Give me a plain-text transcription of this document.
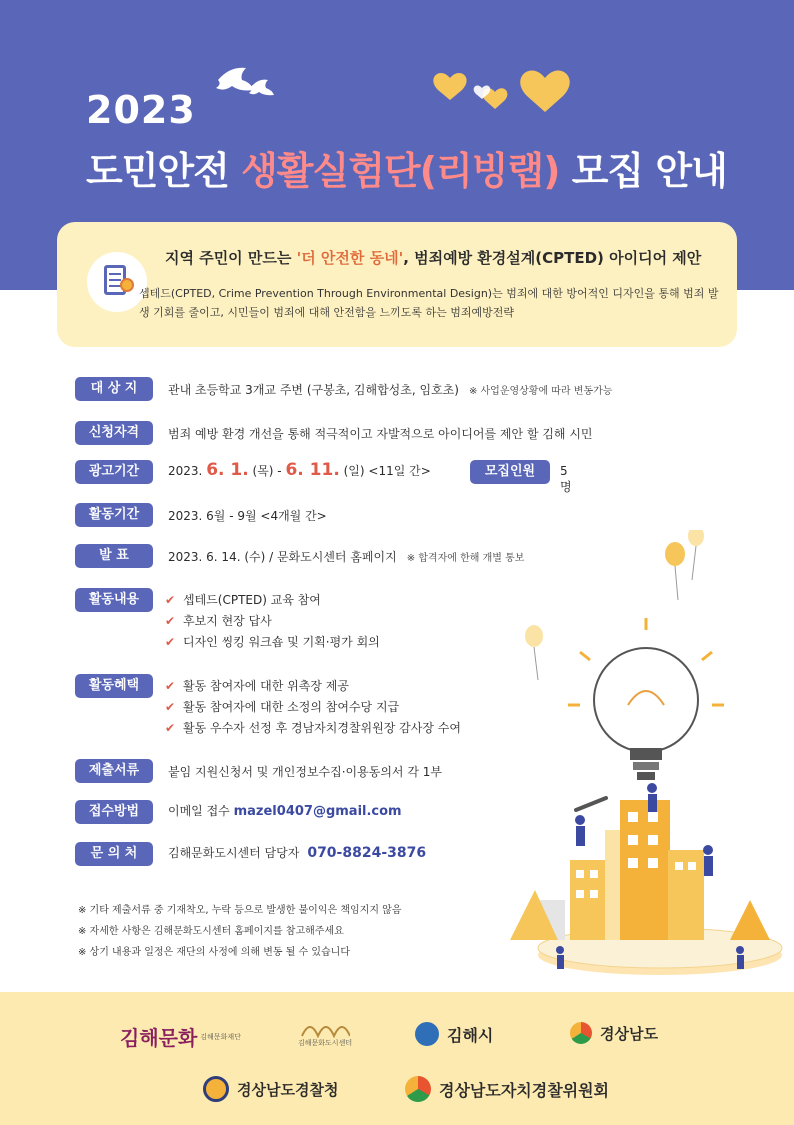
2023
도민안전 생활실험단(리빙랩) 모집 안내
지역 주민이 만드는 '더 안전한 동네', 범죄예방 환경설계(CPTED) 아이디어 제안
셉테드(CPTED, Crime Prevention Through Environmental Design)는 범죄에 대한 방어적인 디자인을 통해 범죄 발생 기회를 줄이고, 시민들이 범죄에 대해 안전함을 느끼도록 하는 범죄예방전략
대 상 지	관내 초등학교 3개교 주변 (구봉초, 김해합성초, 임호초) ※ 사업운영상황에 따라 변동가능
신청자격	범죄 예방 환경 개선을 통해 적극적이고 자발적으로 아이디어를 제안 할 김해 시민
광고기간	2023. 6. 1. (목) - 6. 11. (일) <11일 간>	모집인원	5명
활동기간	2023. 6월 - 9월 <4개월 간>
발 표	2023. 6. 14. (수) / 문화도시센터 홈페이지 ※ 합격자에 한해 개별 통보
활동내용	✔ 셉테드(CPTED) 교육 참여
✔ 후보지 현장 답사
✔ 디자인 씽킹 워크숍 및 기획·평가 회의
활동혜택	✔ 활동 참여자에 대한 위촉장 제공
✔ 활동 참여자에 대한 소정의 참여수당 지급
✔ 활동 우수자 선정 후 경남자치경찰위원장 감사장 수여
제출서류	붙임 지원신청서 및 개인정보수집·이용동의서 각 1부
접수방법	이메일 접수 mazel0407@gmail.com
문 의 처	김해문화도시센터 담당자 070-8824-3876
※ 기타 제출서류 중 기재착오, 누락 등으로 발생한 불이익은 책임지지 않음
※ 자세한 사항은 김해문화도시센터 홈페이지를 참고해주세요
※ 상기 내용과 일정은 재단의 사정에 의해 변동 될 수 있습니다
김해문화 김해문화재단
김해문화도시센터	김해시	경상남도
경상남도경찰청	경상남도자치경찰위원회
